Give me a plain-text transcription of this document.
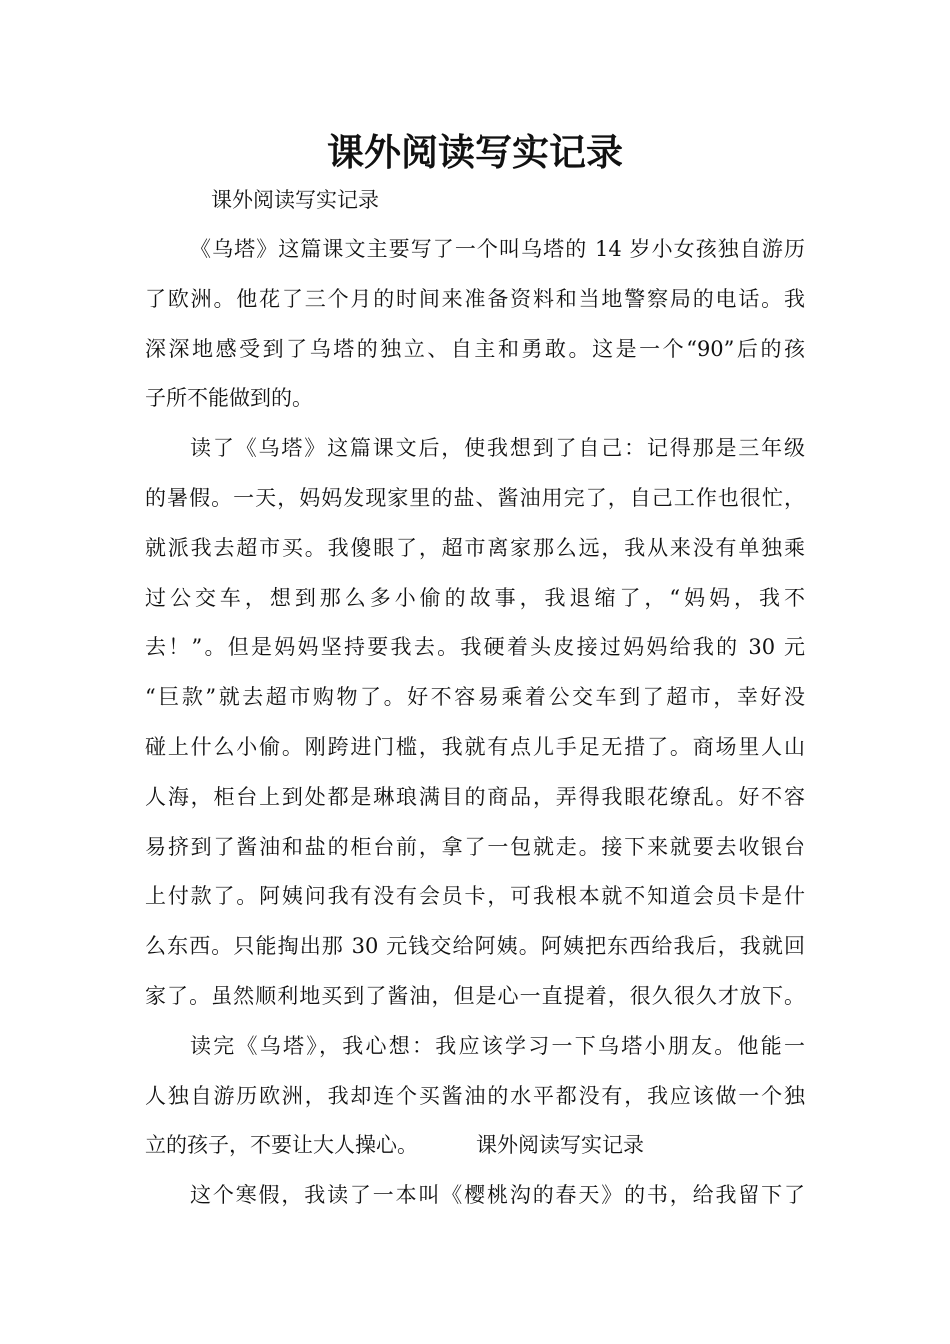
课外阅读写实记录
课外阅读写实记录
《乌塔》这篇课文主要写了一个叫乌塔的 14 岁小女孩独自游历
了欧洲。他花了三个月的时间来准备资料和当地警察局的电话。我
深深地感受到了乌塔的独立、自主和勇敢。这是一个“90”后的孩
子所不能做到的。
读了《乌塔》这篇课文后，使我想到了自己：记得那是三年级
的暑假。一天，妈妈发现家里的盐、酱油用完了，自己工作也很忙，
就派我去超市买。我傻眼了，超市离家那么远，我从来没有单独乘
过公交车，想到那么多小偷的故事，我退缩了，“妈妈，我不
去！”。但是妈妈坚持要我去。我硬着头皮接过妈妈给我的 30 元
“巨款”就去超市购物了。好不容易乘着公交车到了超市，幸好没
碰上什么小偷。刚跨进门槛，我就有点儿手足无措了。商场里人山
人海，柜台上到处都是琳琅满目的商品，弄得我眼花缭乱。好不容
易挤到了酱油和盐的柜台前，拿了一包就走。接下来就要去收银台
上付款了。阿姨问我有没有会员卡，可我根本就不知道会员卡是什
么东西。只能掏出那 30 元钱交给阿姨。阿姨把东西给我后，我就回
家了。虽然顺利地买到了酱油，但是心一直提着，很久很久才放下。
读完《乌塔》，我心想：我应该学习一下乌塔小朋友。他能一
人独自游历欧洲，我却连个买酱油的水平都没有，我应该做一个独
立的孩子，不要让大人操心。	课外阅读写实记录
这个寒假，我读了一本叫《樱桃沟的春天》的书，给我留下了
